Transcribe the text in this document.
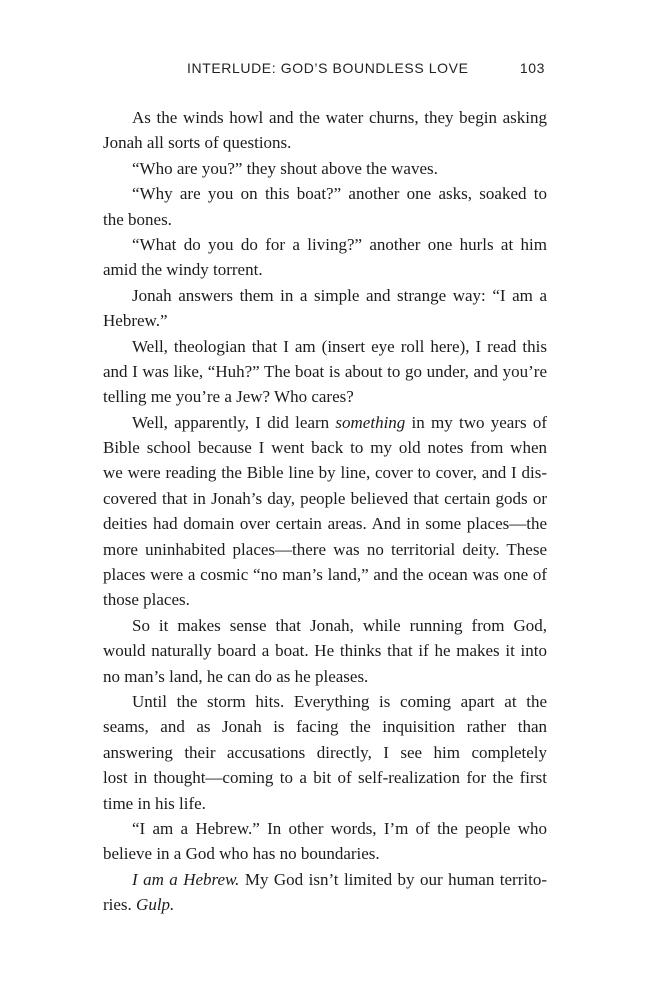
INTERLUDE: GOD’S BOUNDLESS LOVE	103
As the winds howl and the water churns, they begin asking
Jonah all sorts of questions.
“Who are you?” they shout above the waves.
“Why are you on this boat?” another one asks, soaked to
the bones.
“What do you do for a living?” another one hurls at him
amid the windy torrent.
Jonah answers them in a simple and strange way: “I am a
Hebrew.”
Well, theologian that I am (insert eye roll here), I read this
and I was like, “Huh?” The boat is about to go under, and you’re
telling me you’re a Jew? Who cares?
Well, apparently, I did learn something in my two years of
Bible school because I went back to my old notes from when
we were reading the Bible line by line, cover to cover, and I dis-
covered that in Jonah’s day, people believed that certain gods or
deities had domain over certain areas. And in some places—the
more uninhabited places—there was no territorial deity. These
places were a cosmic “no man’s land,” and the ocean was one of
those places.
So it makes sense that Jonah, while running from God,
would naturally board a boat. He thinks that if he makes it into
no man’s land, he can do as he pleases.
Until the storm hits. Everything is coming apart at the
seams, and as Jonah is facing the inquisition rather than
answering their accusations directly, I see him completely
lost in thought—coming to a bit of self-realization for the first
time in his life.
“I am a Hebrew.” In other words, I’m of the people who
believe in a God who has no boundaries.
I am a Hebrew. My God isn’t limited by our human territo-
ries. Gulp.
